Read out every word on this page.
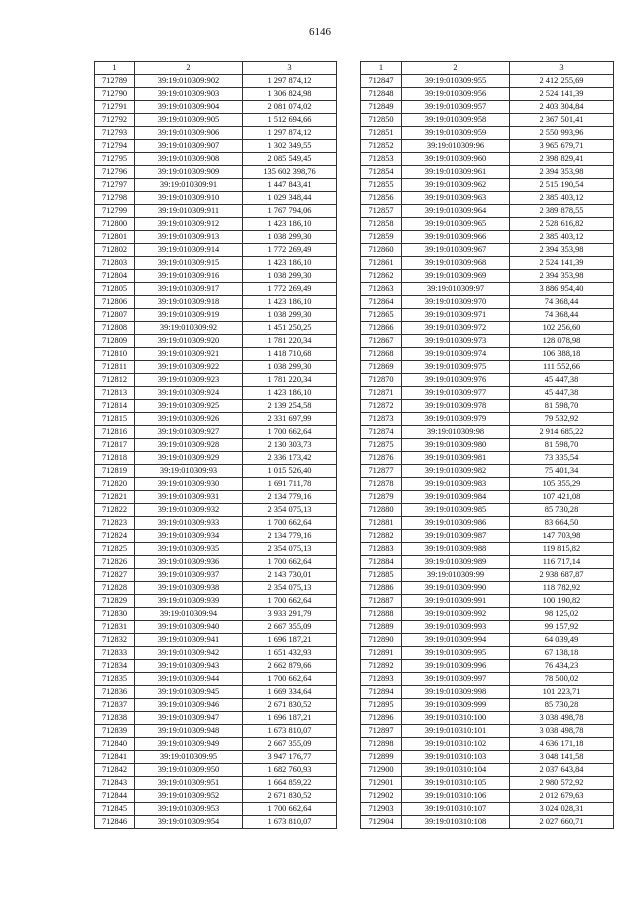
6146
1	2	3
712789	39:19:010309:902	1 297 874,12
712790	39:19:010309:903	1 306 824,98
712791	39:19:010309:904	2 081 074,02
712792	39:19:010309:905	1 512 694,66
712793	39:19:010309:906	1 297 874,12
712794	39:19:010309:907	1 302 349,55
712795	39:19:010309:908	2 085 549,45
712796	39:19:010309:909	135 602 398,76
712797	39:19:010309:91	1 447 843,41
712798	39:19:010309:910	1 029 348,44
712799	39:19:010309:911	1 767 794,06
712800	39:19:010309:912	1 423 186,10
712801	39:19:010309:913	1 038 299,30
712802	39:19:010309:914	1 772 269,49
712803	39:19:010309:915	1 423 186,10
712804	39:19:010309:916	1 038 299,30
712805	39:19:010309:917	1 772 269,49
712806	39:19:010309:918	1 423 186,10
712807	39:19:010309:919	1 038 299,30
712808	39:19:010309:92	1 451 250,25
712809	39:19:010309:920	1 781 220,34
712810	39:19:010309:921	1 418 710,68
712811	39:19:010309:922	1 038 299,30
712812	39:19:010309:923	1 781 220,34
712813	39:19:010309:924	1 423 186,10
712814	39:19:010309:925	2 139 254,58
712815	39:19:010309:926	2 331 697,99
712816	39:19:010309:927	1 700 662,64
712817	39:19:010309:928	2 130 303,73
712818	39:19:010309:929	2 336 173,42
712819	39:19:010309:93	1 015 526,40
712820	39:19:010309:930	1 691 711,78
712821	39:19:010309:931	2 134 779,16
712822	39:19:010309:932	2 354 075,13
712823	39:19:010309:933	1 700 662,64
712824	39:19:010309:934	2 134 779,16
712825	39:19:010309:935	2 354 075,13
712826	39:19:010309:936	1 700 662,64
712827	39:19:010309:937	2 143 730,01
712828	39:19:010309:938	2 354 075,13
712829	39:19:010309:939	1 700 662,64
712830	39:19:010309:94	3 933 291,79
712831	39:19:010309:940	2 667 355,09
712832	39:19:010309:941	1 696 187,21
712833	39:19:010309:942	1 651 432,93
712834	39:19:010309:943	2 662 879,66
712835	39:19:010309:944	1 700 662,64
712836	39:19:010309:945	1 669 334,64
712837	39:19:010309:946	2 671 830,52
712838	39:19:010309:947	1 696 187,21
712839	39:19:010309:948	1 673 810,07
712840	39:19:010309:949	2 667 355,09
712841	39:19:010309:95	3 947 176,77
712842	39:19:010309:950	1 682 760,93
712843	39:19:010309:951	1 664 859,22
712844	39:19:010309:952	2 671 830,52
712845	39:19:010309:953	1 700 662,64
712846	39:19:010309:954	1 673 810,07
1	2	3
712847	39:19:010309:955	2 412 255,69
712848	39:19:010309:956	2 524 141,39
712849	39:19:010309:957	2 403 304,84
712850	39:19:010309:958	2 367 501,41
712851	39:19:010309:959	2 550 993,96
712852	39:19:010309:96	3 965 679,71
712853	39:19:010309:960	2 398 829,41
712854	39:19:010309:961	2 394 353,98
712855	39:19:010309:962	2 515 190,54
712856	39:19:010309:963	2 385 403,12
712857	39:19:010309:964	2 389 878,55
712858	39:19:010309:965	2 528 616,82
712859	39:19:010309:966	2 385 403,12
712860	39:19:010309:967	2 394 353,98
712861	39:19:010309:968	2 524 141,39
712862	39:19:010309:969	2 394 353,98
712863	39:19:010309:97	3 886 954,40
712864	39:19:010309:970	74 368,44
712865	39:19:010309:971	74 368,44
712866	39:19:010309:972	102 256,60
712867	39:19:010309:973	128 078,98
712868	39:19:010309:974	106 388,18
712869	39:19:010309:975	111 552,66
712870	39:19:010309:976	45 447,38
712871	39:19:010309:977	45 447,38
712872	39:19:010309:978	81 598,70
712873	39:19:010309:979	79 532,92
712874	39:19:010309:98	2 914 685,22
712875	39:19:010309:980	81 598,70
712876	39:19:010309:981	73 335,54
712877	39:19:010309:982	75 401,34
712878	39:19:010309:983	105 355,29
712879	39:19:010309:984	107 421,08
712880	39:19:010309:985	85 730,28
712881	39:19:010309:986	83 664,50
712882	39:19:010309:987	147 703,98
712883	39:19:010309:988	119 815,82
712884	39:19:010309:989	116 717,14
712885	39:19:010309:99	2 938 687,87
712886	39:19:010309:990	118 782,92
712887	39:19:010309:991	100 190,82
712888	39:19:010309:992	98 125,02
712889	39:19:010309:993	99 157,92
712890	39:19:010309:994	64 039,49
712891	39:19:010309:995	67 138,18
712892	39:19:010309:996	76 434,23
712893	39:19:010309:997	78 500,02
712894	39:19:010309:998	101 223,71
712895	39:19:010309:999	85 730,28
712896	39:19:010310:100	3 038 498,78
712897	39:19:010310:101	3 038 498,78
712898	39:19:010310:102	4 636 171,18
712899	39:19:010310:103	3 048 141,58
712900	39:19:010310:104	2 037 643,84
712901	39:19:010310:105	2 980 572,92
712902	39:19:010310:106	2 012 679,63
712903	39:19:010310:107	3 024 028,31
712904	39:19:010310:108	2 027 660,71
